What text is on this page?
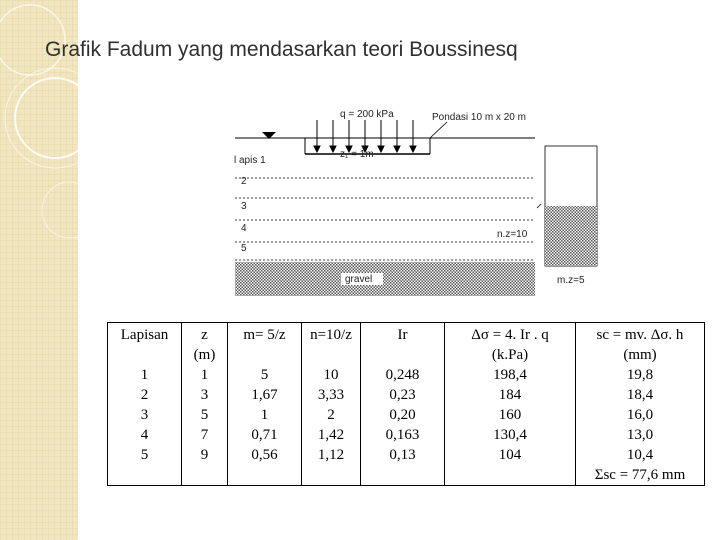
Grafik Fadum yang mendasarkan teori Boussinesq
q = 200 kPa	Pondasi 10 m x 20 m
z₁ = 1m
l apis 1
2
3
4
5
gravel
n.z=10
m.z=5
Lapisan	z	m= 5/z	n=10/z	Ir	Δσ = 4. Ir . q	sc = mv. Δσ. h
	(m)				(k.Pa)	(mm)
1	1	5	10	0,248	198,4	19,8
2	3	1,67	3,33	0,23	184	18,4
3	5	1	2	0,20	160	16,0
4	7	0,71	1,42	0,163	130,4	13,0
5	9	0,56	1,12	0,13	104	10,4
						Σsc = 77,6 mm
